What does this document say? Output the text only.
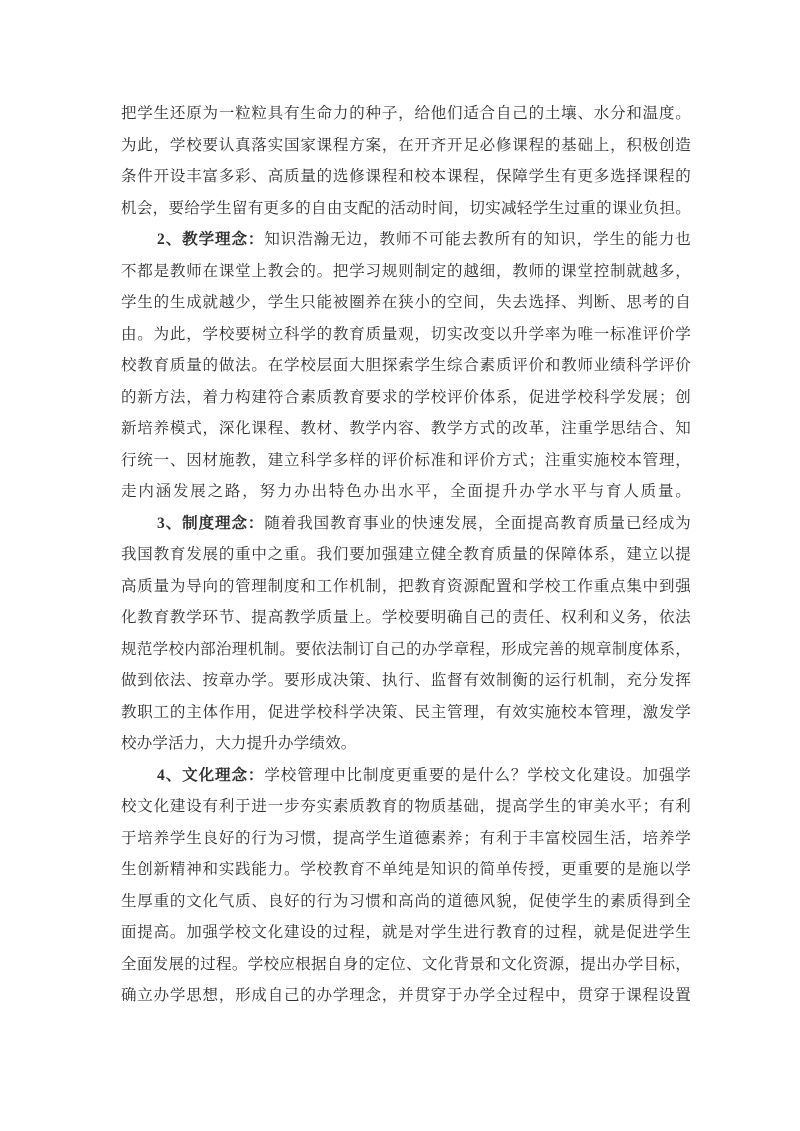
把学生还原为一粒粒具有生命力的种子，给他们适合自己的土壤、水分和温度。
为此，学校要认真落实国家课程方案，在开齐开足必修课程的基础上，积极创造
条件开设丰富多彩、高质量的选修课程和校本课程，保障学生有更多选择课程的
机会，要给学生留有更多的自由支配的活动时间，切实减轻学生过重的课业负担。
2、教学理念：知识浩瀚无边，教师不可能去教所有的知识，学生的能力也
不都是教师在课堂上教会的。把学习规则制定的越细，教师的课堂控制就越多，
学生的生成就越少，学生只能被圈养在狭小的空间，失去选择、判断、思考的自
由。为此，学校要树立科学的教育质量观，切实改变以升学率为唯一标准评价学
校教育质量的做法。在学校层面大胆探索学生综合素质评价和教师业绩科学评价
的新方法，着力构建符合素质教育要求的学校评价体系，促进学校科学发展；创
新培养模式，深化课程、教材、教学内容、教学方式的改革，注重学思结合、知
行统一、因材施教，建立科学多样的评价标准和评价方式；注重实施校本管理，
走内涵发展之路，努力办出特色办出水平，全面提升办学水平与育人质量。
3、制度理念：随着我国教育事业的快速发展，全面提高教育质量已经成为
我国教育发展的重中之重。我们要加强建立健全教育质量的保障体系，建立以提
高质量为导向的管理制度和工作机制，把教育资源配置和学校工作重点集中到强
化教育教学环节、提高教学质量上。学校要明确自己的责任、权利和义务，依法
规范学校内部治理机制。要依法制订自己的办学章程，形成完善的规章制度体系，
做到依法、按章办学。要形成决策、执行、监督有效制衡的运行机制，充分发挥
教职工的主体作用，促进学校科学决策、民主管理，有效实施校本管理，激发学
校办学活力，大力提升办学绩效。
4、文化理念：学校管理中比制度更重要的是什么？学校文化建设。加强学
校文化建设有利于进一步夯实素质教育的物质基础，提高学生的审美水平；有利
于培养学生良好的行为习惯，提高学生道德素养；有利于丰富校园生活，培养学
生创新精神和实践能力。学校教育不单纯是知识的简单传授，更重要的是施以学
生厚重的文化气质、良好的行为习惯和高尚的道德风貌，促使学生的素质得到全
面提高。加强学校文化建设的过程，就是对学生进行教育的过程，就是促进学生
全面发展的过程。学校应根据自身的定位、文化背景和文化资源，提出办学目标，
确立办学思想，形成自己的办学理念，并贯穿于办学全过程中，贯穿于课程设置
